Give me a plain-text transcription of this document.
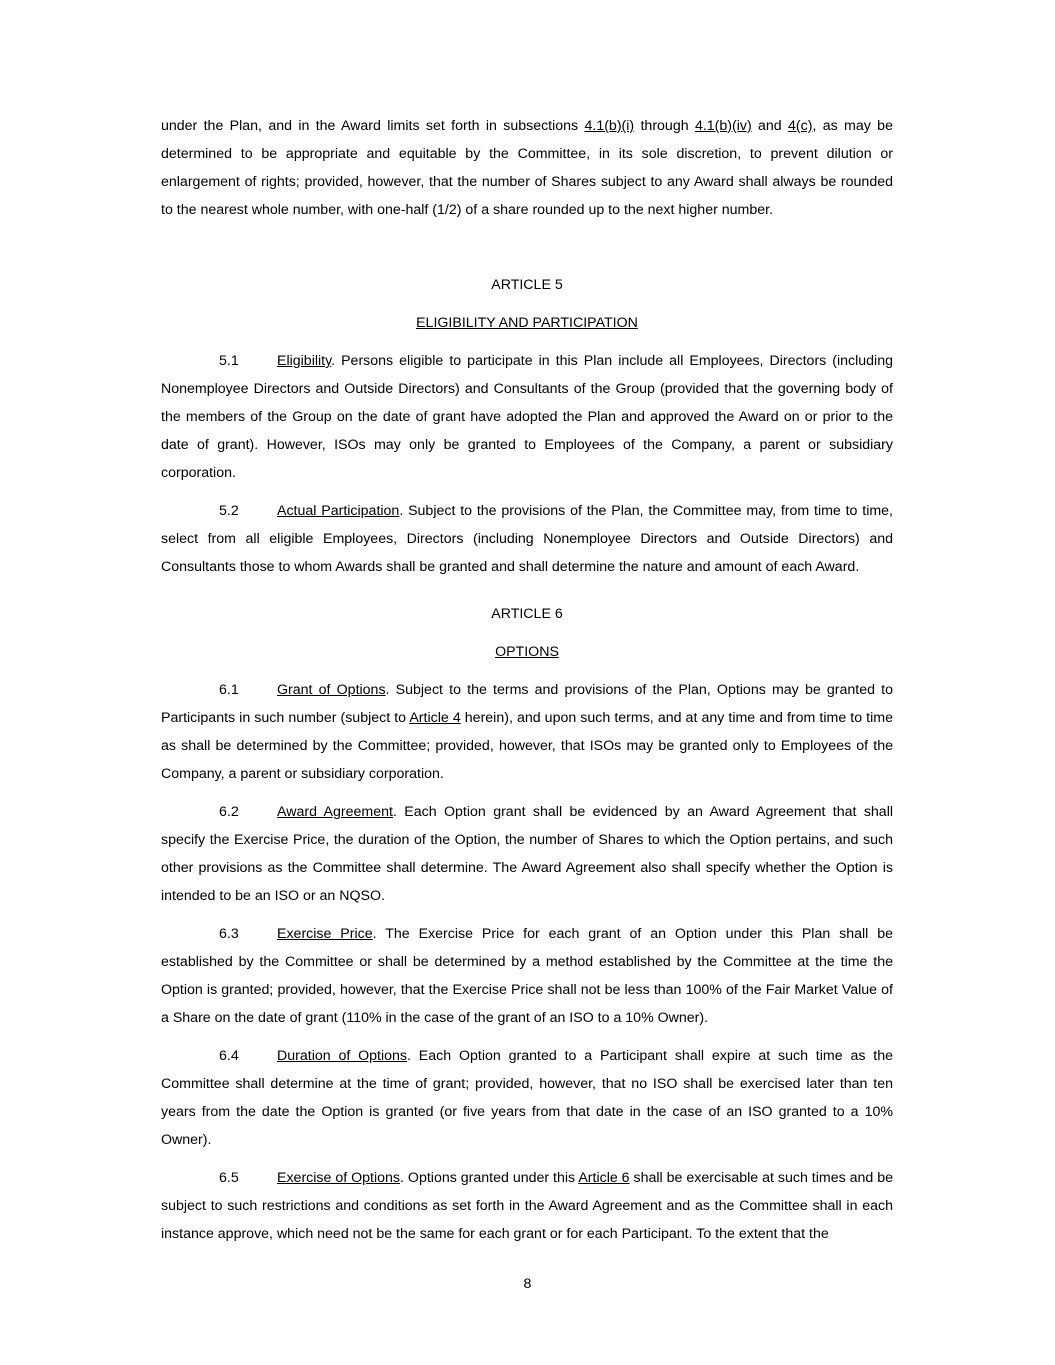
under the Plan, and in the Award limits set forth in subsections 4.1(b)(i) through 4.1(b)(iv) and 4(c), as may be determined to be appropriate and equitable by the Committee, in its sole discretion, to prevent dilution or enlargement of rights; provided, however, that the number of Shares subject to any Award shall always be rounded to the nearest whole number, with one-half (1/2) of a share rounded up to the next higher number.

ARTICLE 5

ELIGIBILITY AND PARTICIPATION

5.1	Eligibility. Persons eligible to participate in this Plan include all Employees, Directors (including Nonemployee Directors and Outside Directors) and Consultants of the Group (provided that the governing body of the members of the Group on the date of grant have adopted the Plan and approved the Award on or prior to the date of grant). However, ISOs may only be granted to Employees of the Company, a parent or subsidiary corporation.

5.2	Actual Participation. Subject to the provisions of the Plan, the Committee may, from time to time, select from all eligible Employees, Directors (including Nonemployee Directors and Outside Directors) and Consultants those to whom Awards shall be granted and shall determine the nature and amount of each Award.

ARTICLE 6

OPTIONS

6.1	Grant of Options. Subject to the terms and provisions of the Plan, Options may be granted to Participants in such number (subject to Article 4 herein), and upon such terms, and at any time and from time to time as shall be determined by the Committee; provided, however, that ISOs may be granted only to Employees of the Company, a parent or subsidiary corporation.

6.2	Award Agreement. Each Option grant shall be evidenced by an Award Agreement that shall specify the Exercise Price, the duration of the Option, the number of Shares to which the Option pertains, and such other provisions as the Committee shall determine. The Award Agreement also shall specify whether the Option is intended to be an ISO or an NQSO.

6.3	Exercise Price. The Exercise Price for each grant of an Option under this Plan shall be established by the Committee or shall be determined by a method established by the Committee at the time the Option is granted; provided, however, that the Exercise Price shall not be less than 100% of the Fair Market Value of a Share on the date of grant (110% in the case of the grant of an ISO to a 10% Owner).

6.4	Duration of Options. Each Option granted to a Participant shall expire at such time as the Committee shall determine at the time of grant; provided, however, that no ISO shall be exercised later than ten years from the date the Option is granted (or five years from that date in the case of an ISO granted to a 10% Owner).

6.5	Exercise of Options. Options granted under this Article 6 shall be exercisable at such times and be subject to such restrictions and conditions as set forth in the Award Agreement and as the Committee shall in each instance approve, which need not be the same for each grant or for each Participant. To the extent that the

8
